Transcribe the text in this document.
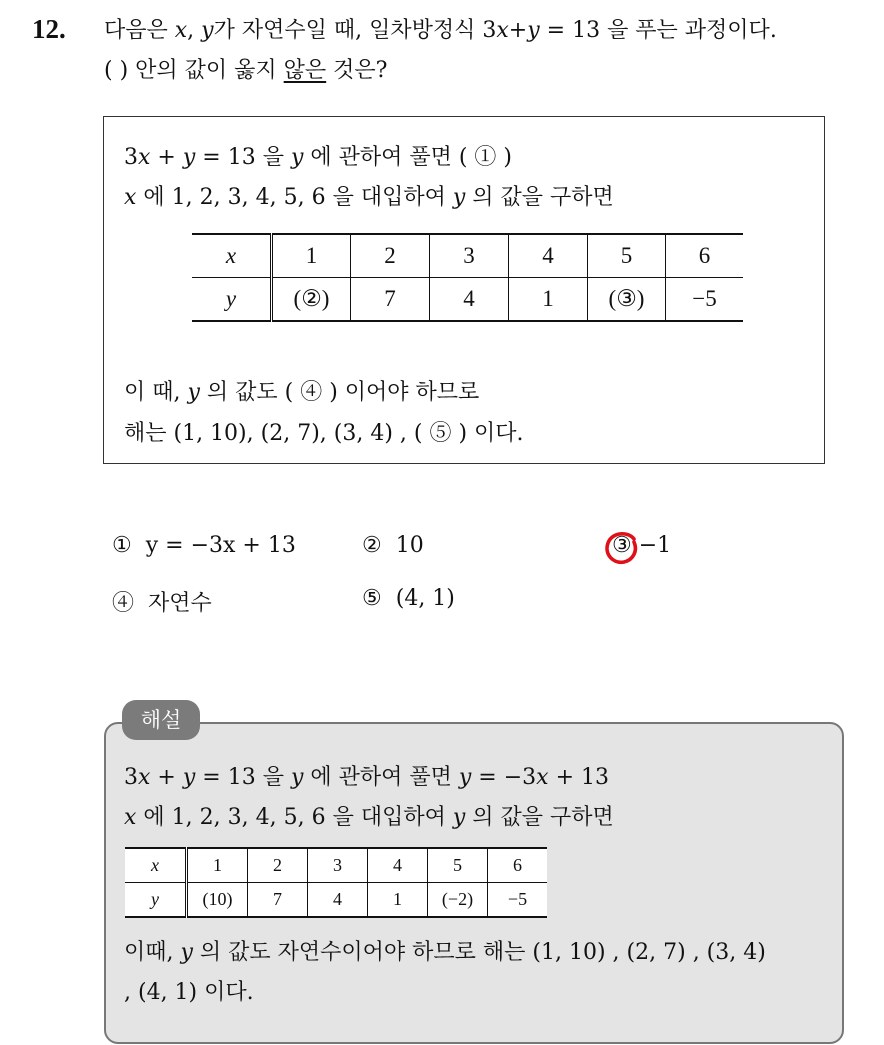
12. 다음은 x, y가 자연수일 때, 일차방정식 3x+y = 13 을 푸는 과정이다.
( ) 안의 값이 옳지 않은 것은?
3x + y = 13 을 y 에 관하여 풀면 ( ① )
x 에 1, 2, 3, 4, 5, 6 을 대입하여 y 의 값을 구하면
x	1	2	3	4	5	6
y	(②)	7	4	1	(③)	−5
이 때, y 의 값도 ( ④ ) 이어야 하므로
해는 (1, 10), (2, 7), (3, 4) , ( ⑤ ) 이다.
① y = −3x + 13	② 10	③ −1
④ 자연수	⑤ (4, 1)
해설
3x + y = 13 을 y 에 관하여 풀면 y = −3x + 13
x 에 1, 2, 3, 4, 5, 6 을 대입하여 y 의 값을 구하면
x	1	2	3	4	5	6
y	(10)	7	4	1	(−2)	−5
이때, y 의 값도 자연수이어야 하므로 해는 (1, 10) , (2, 7) , (3, 4)
, (4, 1) 이다.
